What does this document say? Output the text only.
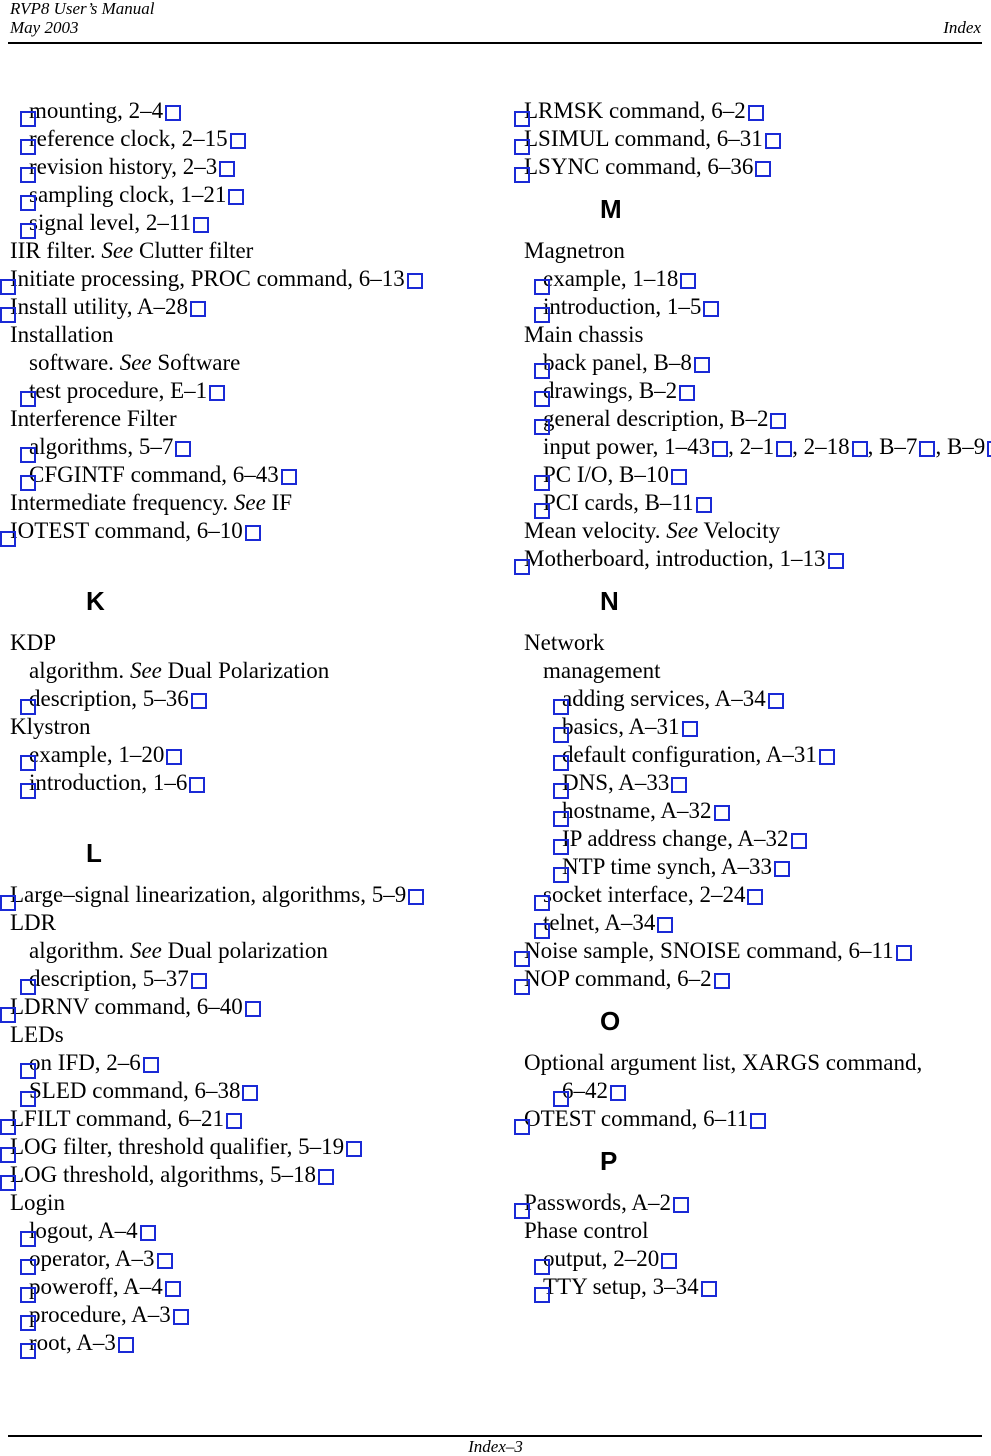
RVP8 User’s Manual
May 2003	Index
mounting, 2–4
reference clock, 2–15
revision history, 2–3
sampling clock, 1–21
signal level, 2–11
IIR filter. See Clutter filter
Initiate processing, PROC command, 6–13
Install utility, A–28
Installation
software. See Software
test procedure, E–1
Interference Filter
algorithms, 5–7
CFGINTF command, 6–43
Intermediate frequency. See IF
IOTEST command, 6–10
K
KDP
algorithm. See Dual Polarization
description, 5–36
Klystron
example, 1–20
introduction, 1–6
L
Large–signal linearization, algorithms, 5–9
LDR
algorithm. See Dual polarization
description, 5–37
LDRNV command, 6–40
LEDs
on IFD, 2–6
SLED command, 6–38
LFILT command, 6–21
LOG filter, threshold qualifier, 5–19
LOG threshold, algorithms, 5–18
Login
logout, A–4
operator, A–3
poweroff, A–4
procedure, A–3
root, A–3
LRMSK command, 6–2
LSIMUL command, 6–31
LSYNC command, 6–36
M
Magnetron
example, 1–18
introduction, 1–5
Main chassis
back panel, B–8
drawings, B–2
general description, B–2
input power, 1–43 , 2–1 , 2–18 , B–7 , B–9
PC I/O, B–10
PCI cards, B–11
Mean velocity. See Velocity
Motherboard, introduction, 1–13
N
Network
management
adding services, A–34
basics, A–31
default configuration, A–31
DNS, A–33
hostname, A–32
IP address change, A–32
NTP time synch, A–33
socket interface, 2–24
telnet, A–34
Noise sample, SNOISE command, 6–11
NOP command, 6–2
O
Optional argument list, XARGS command,
6–42
OTEST command, 6–11
P
Passwords, A–2
Phase control
output, 2–20
TTY setup, 3–34
Index–3
